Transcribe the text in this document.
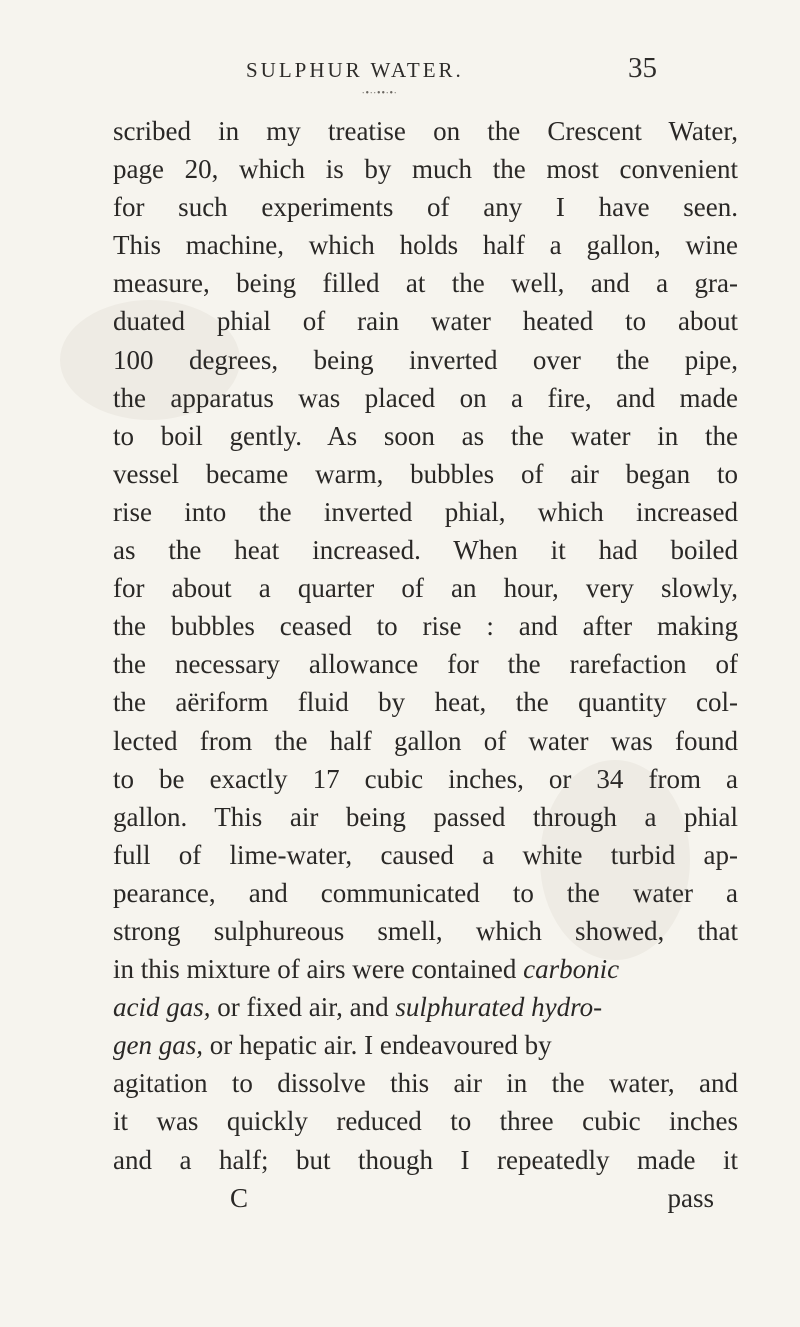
SULPHUR WATER.	35
∙•∙∙••∙•∙
scribed in my treatise on the Crescent Water,
page 20, which is by much the most convenient
for such experiments of any I have seen.
This machine, which holds half a gallon, wine
measure, being filled at the well, and a gra-
duated phial of rain water heated to about
100 degrees, being inverted over the pipe,
the apparatus was placed on a fire, and made
to boil gently. As soon as the water in the
vessel became warm, bubbles of air began to
rise into the inverted phial, which increased
as the heat increased. When it had boiled
for about a quarter of an hour, very slowly,
the bubbles ceased to rise : and after making
the necessary allowance for the rarefaction of
the aëriform fluid by heat, the quantity col-
lected from the half gallon of water was found
to be exactly 17 cubic inches, or 34 from a
gallon. This air being passed through a phial
full of lime-water, caused a white turbid ap-
pearance, and communicated to the water a
strong sulphureous smell, which showed, that
in this mixture of airs were contained carbonic
acid gas, or fixed air, and sulphurated hydro-
gen gas, or hepatic air. I endeavoured by
agitation to dissolve this air in the water, and
it was quickly reduced to three cubic inches
and a half; but though I repeatedly made it
C	pass
